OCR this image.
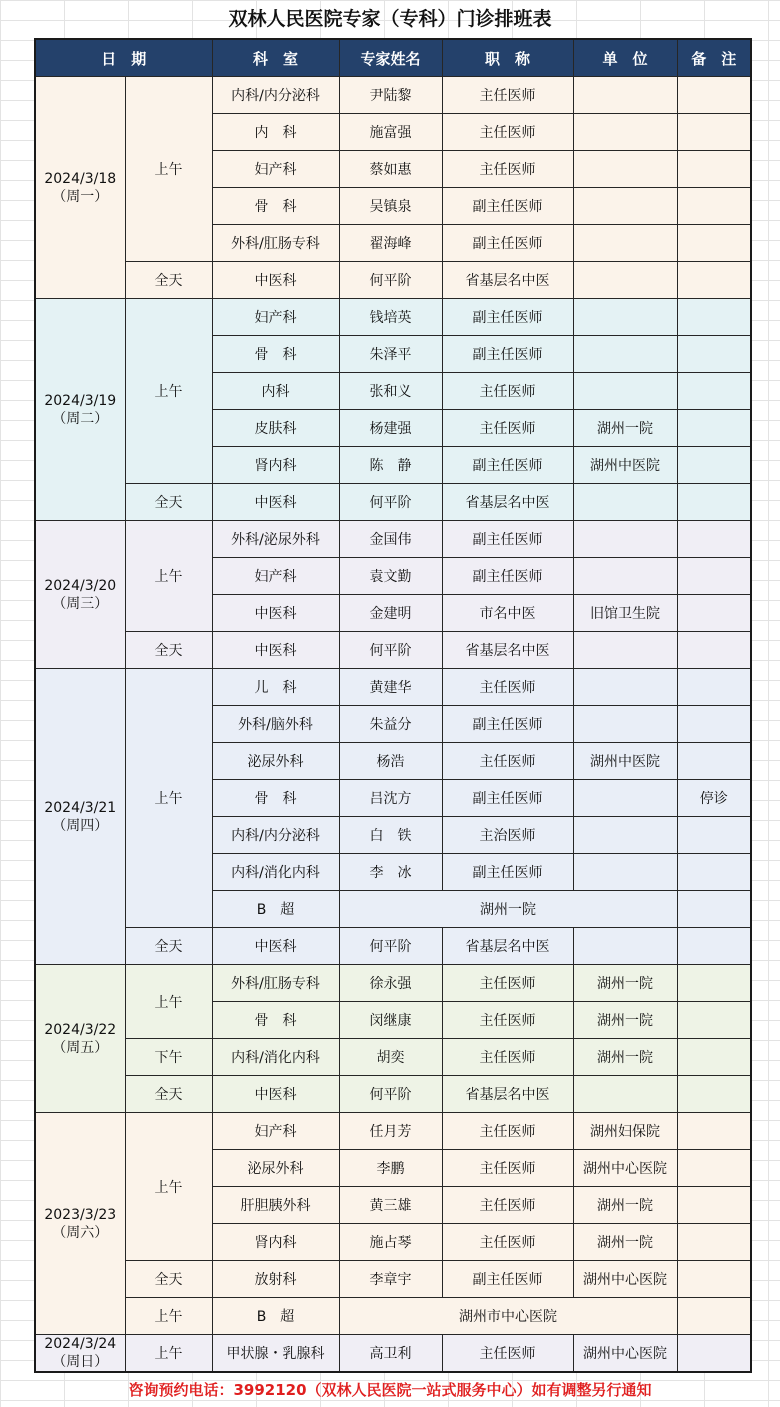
双林人民医院专家（专科）门诊排班表
日　期		科　室	专家姓名	职　称	单　位	备　注

2024/3/18
（周一）	上午	内科/内分泌科	尹陆黎	主任医师		
		内　科	施富强	主任医师		
		妇产科	蔡如惠	主任医师		
		骨　科	吴镇泉	副主任医师		
		外科/肛肠专科	翟海峰	副主任医师		
	全天	中医科	何平阶	省基层名中医		

2024/3/19
（周二）	上午	妇产科	钱培英	副主任医师		
		骨　科	朱泽平	副主任医师		
		内科	张和义	主任医师		
		皮肤科	杨建强	主任医师	湖州一院	
		肾内科	陈　静	副主任医师	湖州中医院	
	全天	中医科	何平阶	省基层名中医		

2024/3/20
（周三）	上午	外科/泌尿外科	金国伟	副主任医师		
		妇产科	袁文勤	副主任医师		
		中医科	金建明	市名中医	旧馆卫生院	
	全天	中医科	何平阶	省基层名中医		

2024/3/21
（周四）	上午	儿　科	黄建华	主任医师		
		外科/脑外科	朱益分	副主任医师		
		泌尿外科	杨浩	主任医师	湖州中医院	
		骨　科	吕沈方	副主任医师		停诊
		内科/内分泌科	白　铁	主治医师		
		内科/消化内科	李　冰	副主任医师		
		B　超	湖州一院			
	全天	中医科	何平阶	省基层名中医		

2024/3/22
（周五）	上午	外科/肛肠专科	徐永强	主任医师	湖州一院	
		骨　科	闵继康	主任医师	湖州一院	
	下午	内科/消化内科	胡奕	主任医师	湖州一院	
	全天	中医科	何平阶	省基层名中医		

2023/3/23
（周六）	上午	妇产科	任月芳	主任医师	湖州妇保院	
		泌尿外科	李鹏	主任医师	湖州中心医院	
		肝胆胰外科	黄三雄	主任医师	湖州一院	
		肾内科	施占琴	主任医师	湖州一院	
	全天	放射科	李章宇	副主任医师	湖州中心医院	
	上午	B　超	湖州市中心医院			

2024/3/24
（周日）	上午	甲状腺・乳腺科	高卫利	主任医师	湖州中心医院	
咨询预约电话：3992120（双林人民医院一站式服务中心）如有调整另行通知
